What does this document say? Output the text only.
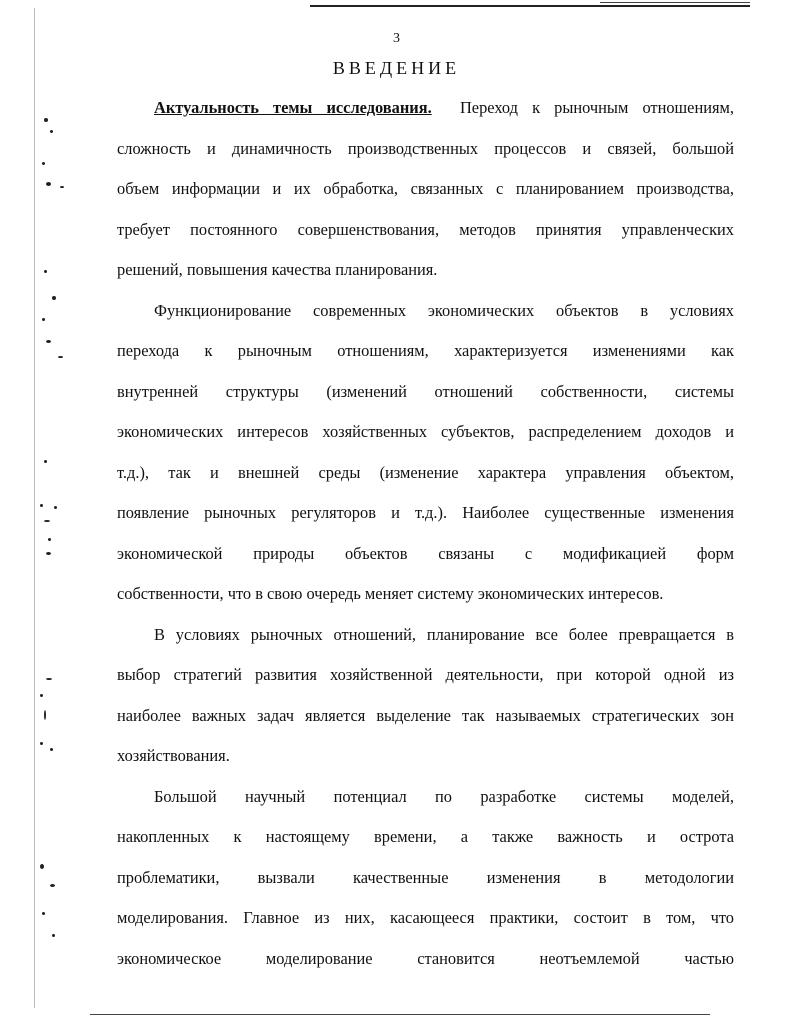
3
ВВЕДЕНИЕ
Актуальность темы исследования. Переход к рыночным отношениям,
сложность и динамичность производственных процессов и связей, большой
объем информации и их обработка, связанных с планированием производства,
требует постоянного совершенствования, методов принятия управленческих
решений, повышения качества планирования.
Функционирование современных экономических объектов в условиях
перехода к рыночным отношениям, характеризуется изменениями как
внутренней структуры (изменений отношений собственности, системы
экономических интересов хозяйственных субъектов, распределением доходов и
т.д.), так и внешней среды (изменение характера управления объектом,
появление рыночных регуляторов и т.д.). Наиболее существенные изменения
экономической природы объектов связаны с модификацией форм
собственности, что в свою очередь меняет систему экономических интересов.
В условиях рыночных отношений, планирование все более превращается в
выбор стратегий развития хозяйственной деятельности, при которой одной из
наиболее важных задач является выделение так называемых стратегических зон
хозяйствования.
Большой научный потенциал по разработке системы моделей,
накопленных к настоящему времени, а также важность и острота
проблематики, вызвали качественные изменения в методологии
моделирования. Главное из них, касающееся практики, состоит в том, что
экономическое моделирование становится неотъемлемой частью
